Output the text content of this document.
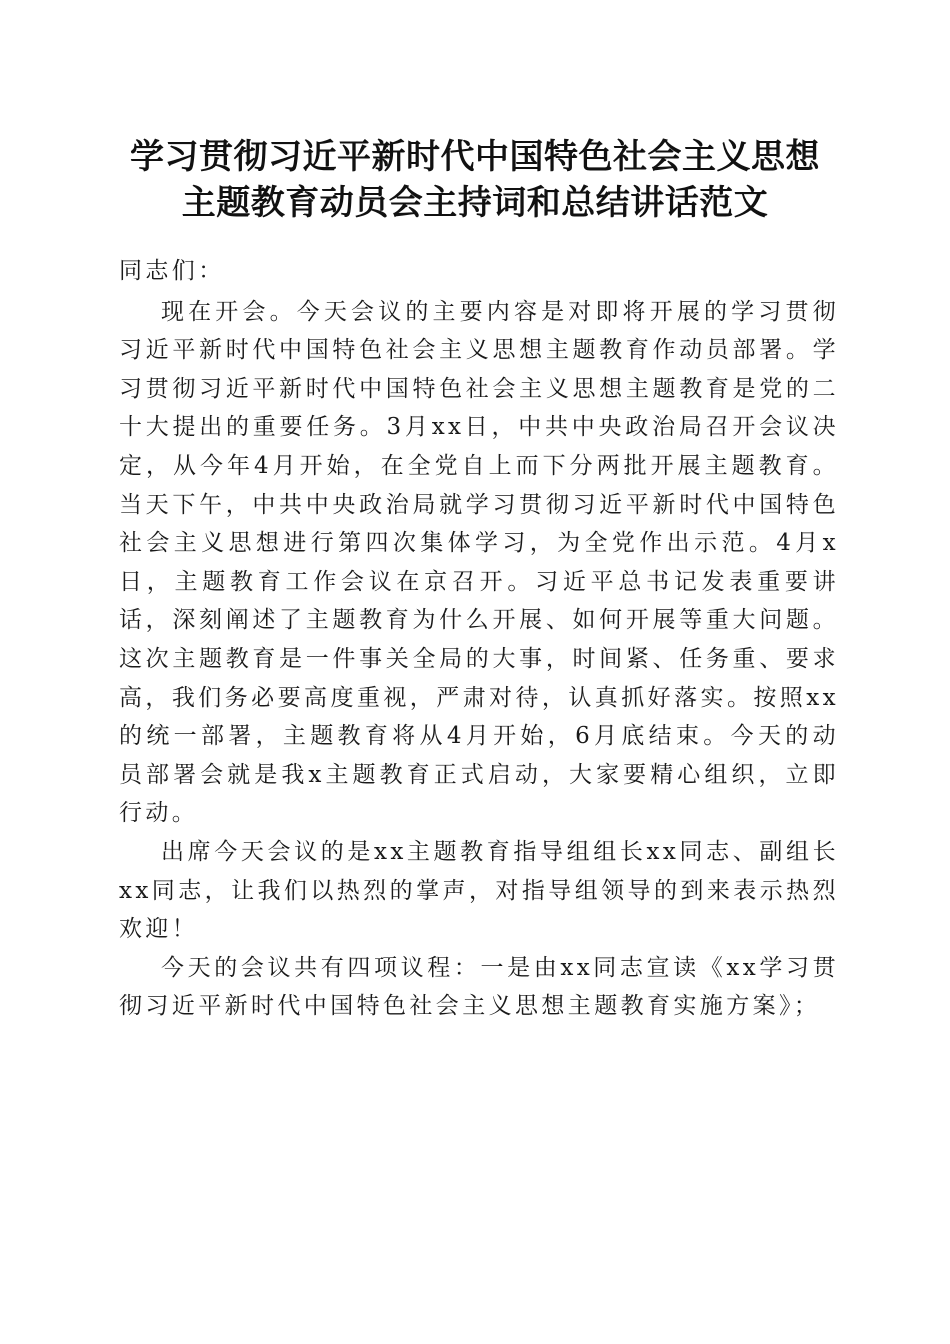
学习贯彻习近平新时代中国特色社会主义思想
主题教育动员会主持词和总结讲话范文

同志们：

现在开会。今天会议的主要内容是对即将开展的学习贯彻习近平新时代中国特色社会主义思想主题教育作动员部署。学习贯彻习近平新时代中国特色社会主义思想主题教育是党的二十大提出的重要任务。3月xx日，中共中央政治局召开会议决定，从今年4月开始，在全党自上而下分两批开展主题教育。当天下午，中共中央政治局就学习贯彻习近平新时代中国特色社会主义思想进行第四次集体学习，为全党作出示范。4月x日，主题教育工作会议在京召开。习近平总书记发表重要讲话，深刻阐述了主题教育为什么开展、如何开展等重大问题。这次主题教育是一件事关全局的大事，时间紧、任务重、要求高，我们务必要高度重视，严肃对待，认真抓好落实。按照xx的统一部署，主题教育将从4月开始，6月底结束。今天的动员部署会就是我x主题教育正式启动，大家要精心组织，立即行动。

出席今天会议的是xx主题教育指导组组长xx同志、副组长xx同志，让我们以热烈的掌声，对指导组领导的到来表示热烈欢迎！

今天的会议共有四项议程：一是由xx同志宣读《xx学习贯彻习近平新时代中国特色社会主义思想主题教育实施方案》；
